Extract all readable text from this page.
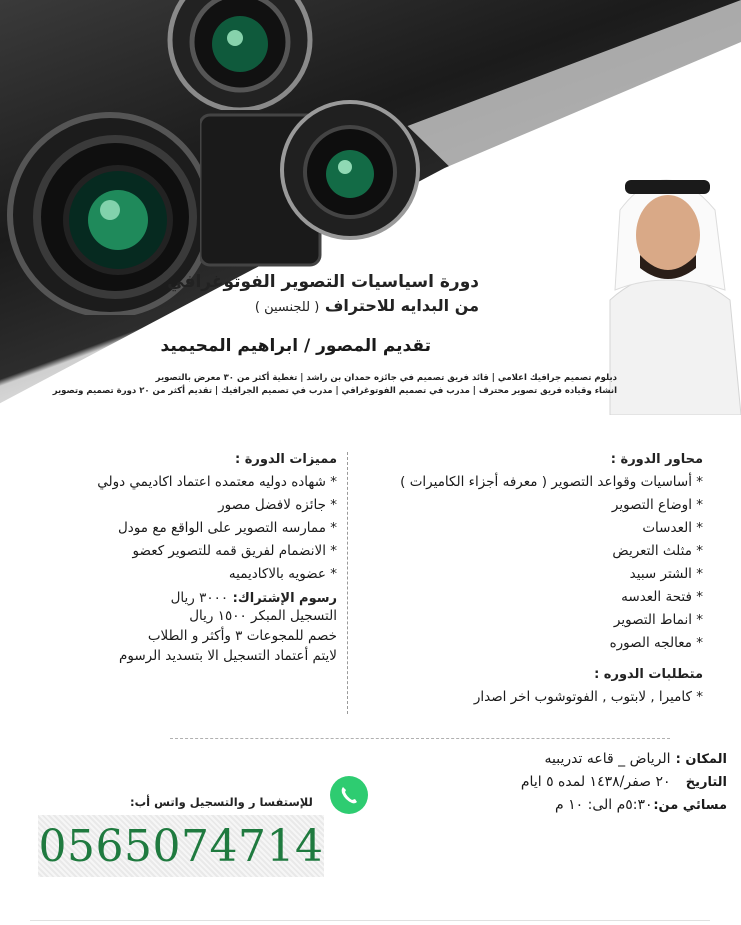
دورة اسياسيات التصوير الفوتوغرافي
من البدايه للاحتراف ( للجنسين )
تقديم المصور / ابراهيم المحيميد
دبلوم تصميم جرافيك اعلامي | قائد فريق تصميم في جائزه حمدان بن راشد | تغطية أكثر من ٣٠ معرض بالتصوير
انشاء وقياده فريق تصوير محترف | مدرب في تصميم الفوتوغرافي | مدرب في تصميم الجرافيك | تقديم أكثر من ٢٠ دورة تصميم وتصوير
محاور الدورة :
* أساسيات وقواعد التصوير ( معرفه أجزاء الكاميرات )
* اوضاع التصوير
* العدسات
* مثلث التعريض
* الشتر سبيد
* فتحة العدسه
* انماط التصوير
* معالجه الصوره
متطلبات الدوره :
* كاميرا , لابتوب , الفوتوشوب اخر اصدار
مميزات الدورة :
* شهاده دوليه معتمده اعتماد اكاديمي دولي
* جائزه لافضل مصور
* ممارسه التصوير على الواقع مع مودل
* الانضمام لفريق قمه للتصوير كعضو
* عضويه بالاكاديميه
رسوم الإشتراك: ٣٠٠٠ ريال

التسجيل المبكر ١٥٠٠ ريال

خصم للمجوعات ٣ وأكثر و الطلاب

لايتم أعتماد التسجيل الا بتسديد الرسوم

المكان : الرياض _ قاعه تدريبيه
التاريخ ٢٠ صفر/١٤٣٨ لمده ٥ ايام
مسائي من: ٥:٣٠م الى: ١٠ م
للإستفسا ر والتسجيل واتس أب:
0565074714
